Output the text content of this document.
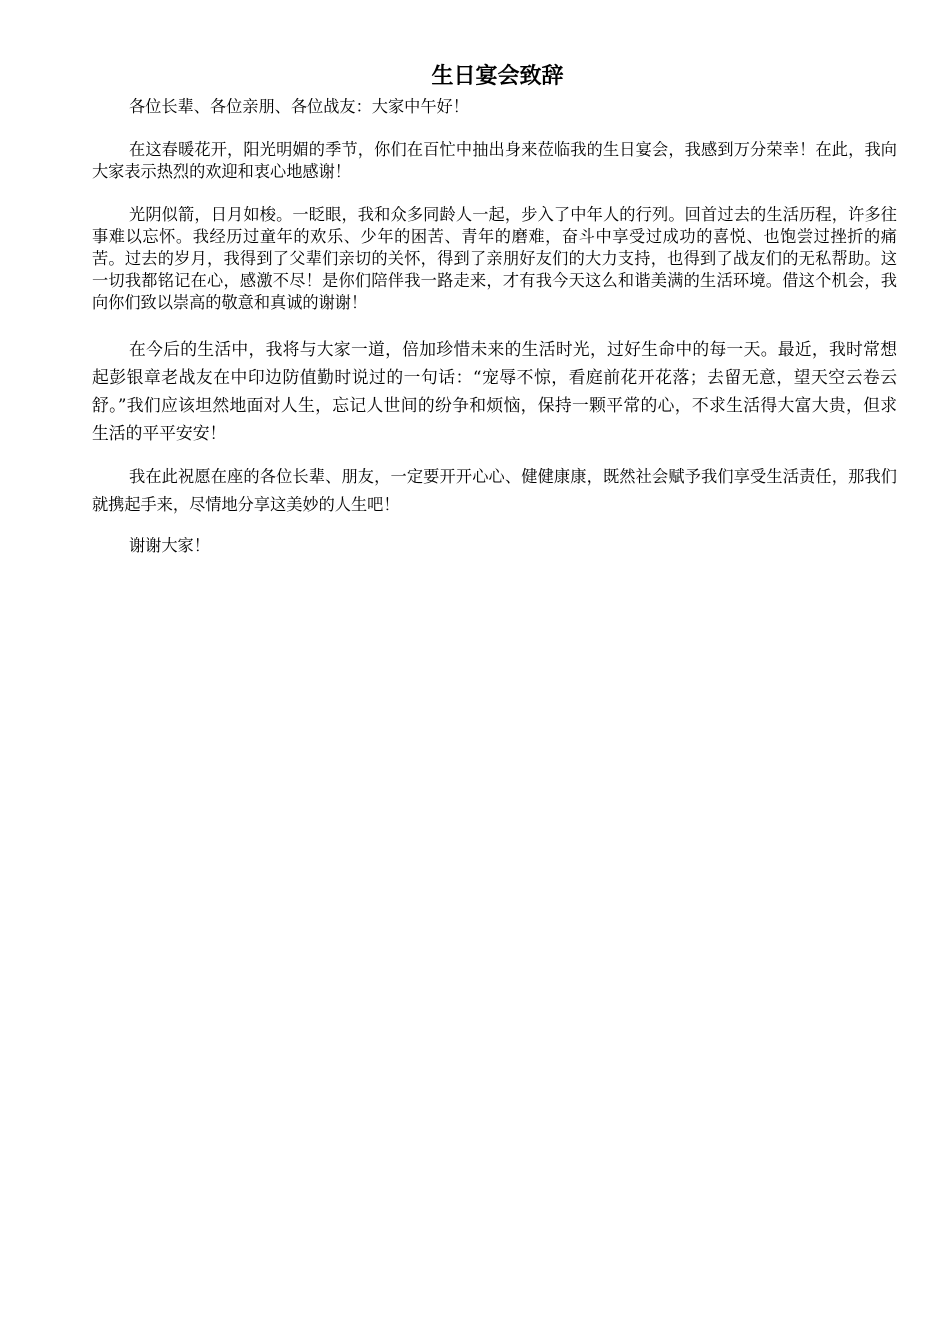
生日宴会致辞

各位长辈、各位亲朋、各位战友：大家中午好！

在这春暖花开，阳光明媚的季节，你们在百忙中抽出身来莅临我的生日宴会，我感到万分荣幸！在此，我向大家表示热烈的欢迎和衷心地感谢！

光阴似箭，日月如梭。一眨眼，我和众多同龄人一起，步入了中年人的行列。回首过去的生活历程，许多往事难以忘怀。我经历过童年的欢乐、少年的困苦、青年的磨难，奋斗中享受过成功的喜悦、也饱尝过挫折的痛苦。过去的岁月，我得到了父辈们亲切的关怀，得到了亲朋好友们的大力支持，也得到了战友们的无私帮助。这一切我都铭记在心，感激不尽！是你们陪伴我一路走来，才有我今天这么和谐美满的生活环境。借这个机会，我向你们致以崇高的敬意和真诚的谢谢！

在今后的生活中，我将与大家一道，倍加珍惜未来的生活时光，过好生命中的每一天。最近，我时常想起彭银章老战友在中印边防值勤时说过的一句话：“宠辱不惊，看庭前花开花落；去留无意，望天空云卷云舒。”我们应该坦然地面对人生，忘记人世间的纷争和烦恼，保持一颗平常的心，不求生活得大富大贵，但求生活的平平安安！

我在此祝愿在座的各位长辈、朋友，一定要开开心心、健健康康，既然社会赋予我们享受生活责任，那我们就携起手来，尽情地分享这美妙的人生吧！

谢谢大家！
